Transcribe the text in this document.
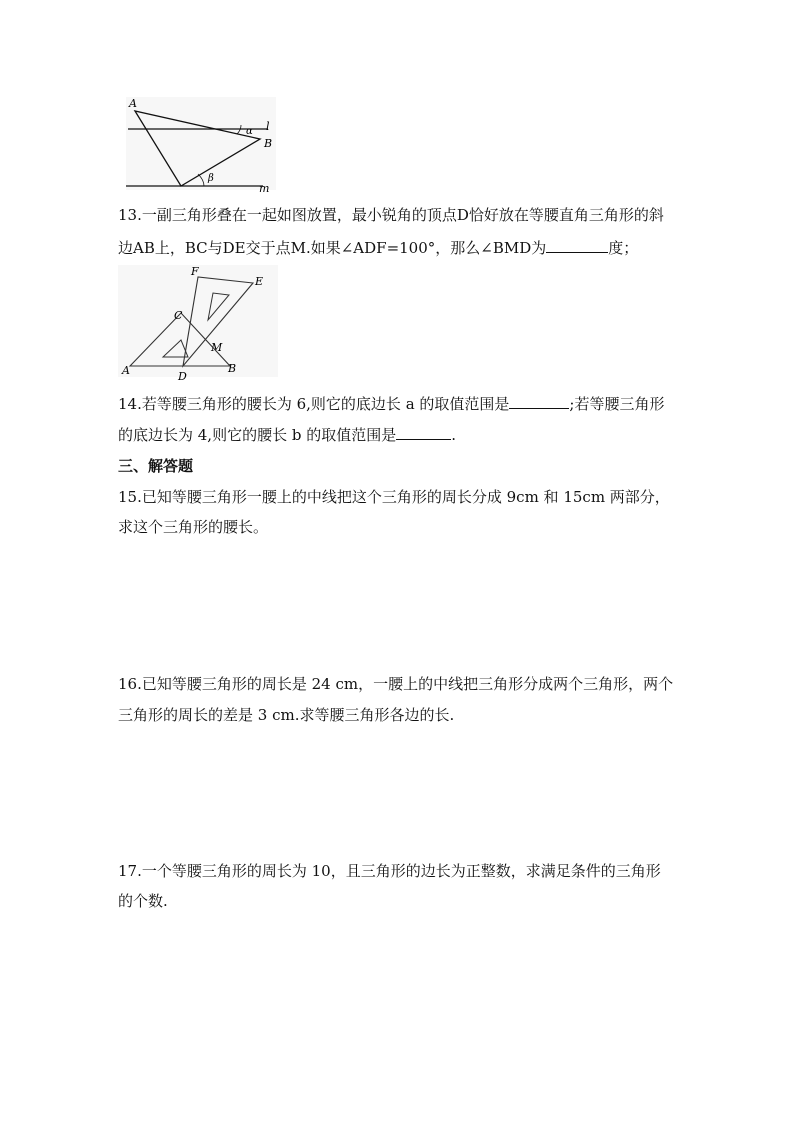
A
B
l
m
α
β
13.一副三角形叠在一起如图放置，最小锐角的顶点D恰好放在等腰直角三角形的斜
边AB上，BC与DE交于点M.如果∠ADF=100°，那么∠BMD为	度；
A	B
C
D
E
F
M
14.若等腰三角形的腰长为 6,则它的底边长 a 的取值范围是	;若等腰三角形
的底边长为 4,则它的腰长 b 的取值范围是	.
三、解答题
15.已知等腰三角形一腰上的中线把这个三角形的周长分成 9cm 和 15cm 两部分，
求这个三角形的腰长。
16.已知等腰三角形的周长是 24 cm，一腰上的中线把三角形分成两个三角形，两个
三角形的周长的差是 3 cm.求等腰三角形各边的长.
17.一个等腰三角形的周长为 10，且三角形的边长为正整数，求满足条件的三角形
的个数.
